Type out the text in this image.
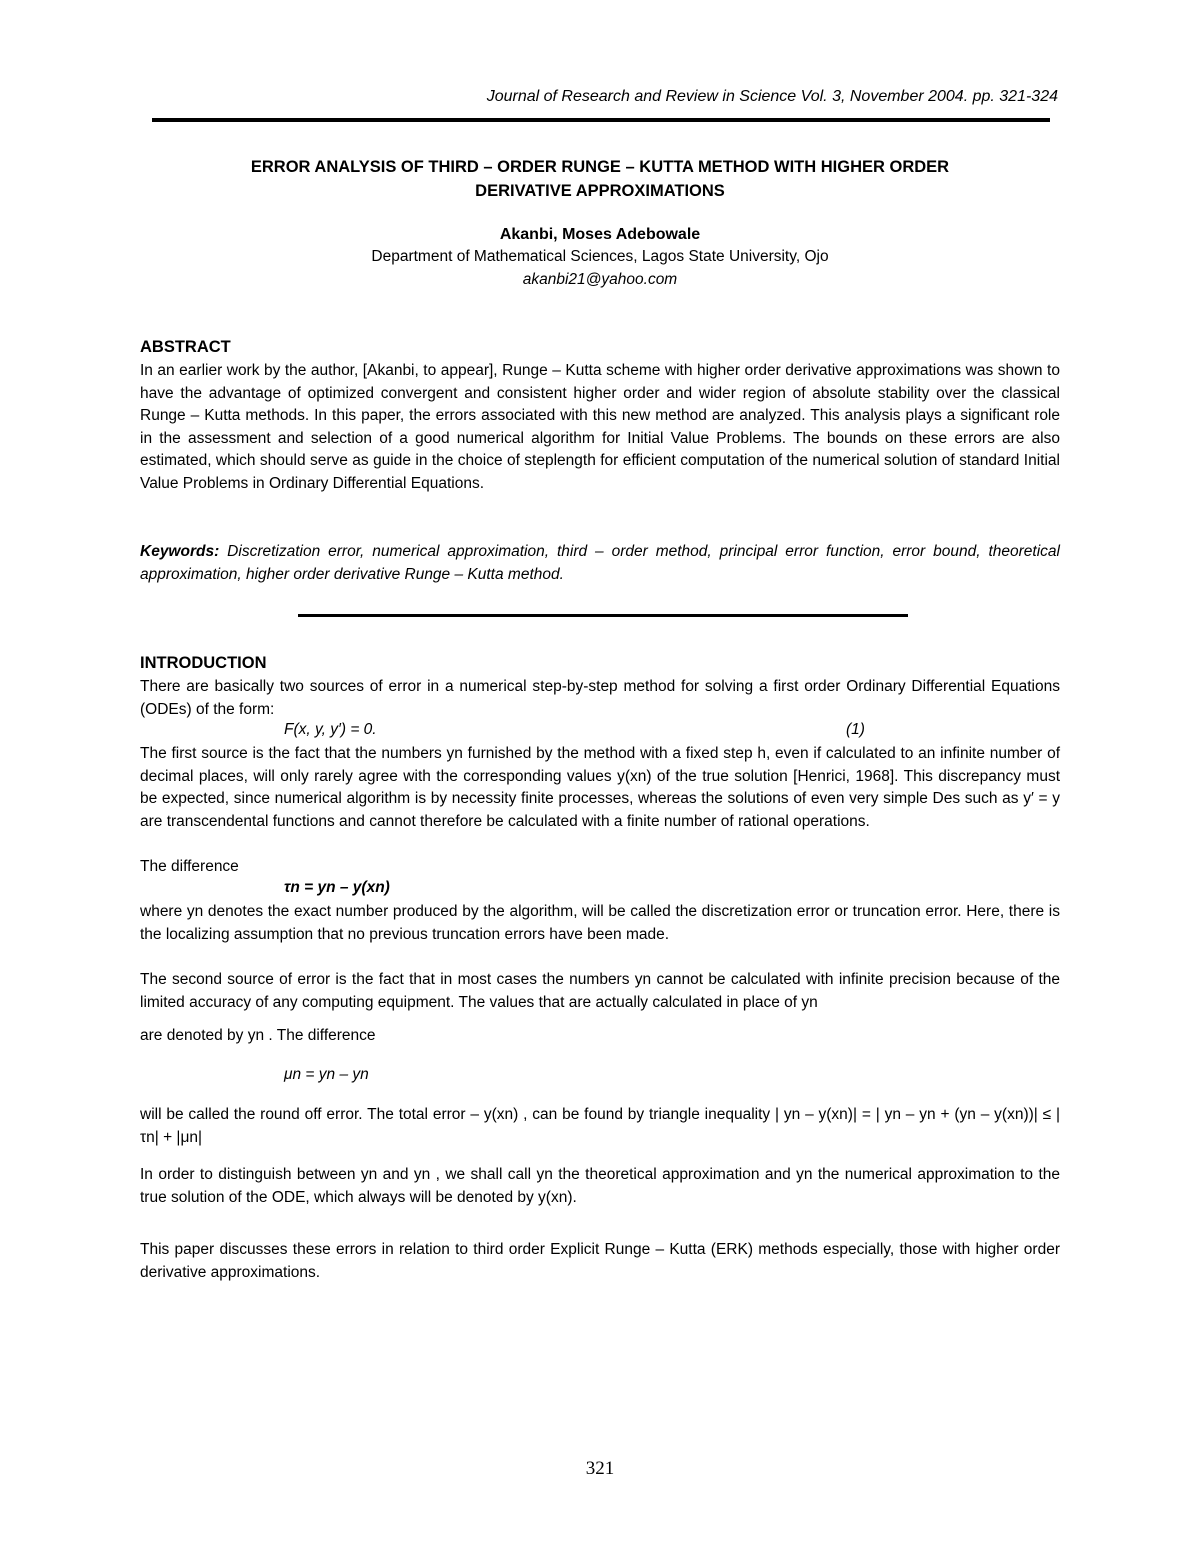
Journal of Research and Review in Science Vol. 3, November 2004. pp. 321-324
ERROR ANALYSIS OF THIRD – ORDER RUNGE – KUTTA METHOD WITH HIGHER ORDER
DERIVATIVE APPROXIMATIONS
Akanbi, Moses Adebowale
Department of Mathematical Sciences, Lagos State University, Ojo
akanbi21@yahoo.com
ABSTRACT

In an earlier work by the author, [Akanbi, to appear], Runge – Kutta scheme with higher order derivative approximations was shown to have the advantage of optimized convergent and consistent higher order and wider region of absolute stability over the classical Runge – Kutta methods. In this paper, the errors associated with this new method are analyzed. This analysis plays a significant role in the assessment and selection of a good numerical algorithm for Initial Value Problems. The bounds on these errors are also estimated, which should serve as guide in the choice of steplength for efficient computation of the numerical solution of standard Initial Value Problems in Ordinary Differential Equations.

Keywords: Discretization error, numerical approximation, third – order method, principal error function, error bound, theoretical approximation, higher order derivative Runge – Kutta method.

INTRODUCTION

There are basically two sources of error in a numerical step-by-step method for solving a first order Ordinary Differential Equations (ODEs) of the form:

F(x, y, y′) = 0.	(1)

The first source is the fact that the numbers yn furnished by the method with a fixed step h, even if calculated to an infinite number of decimal places, will only rarely agree with the corresponding values y(xn) of the true solution [Henrici, 1968]. This discrepancy must be expected, since numerical algorithm is by necessity finite processes, whereas the solutions of even very simple Des such as y′ = y are transcendental functions and cannot therefore be calculated with a finite number of rational operations.

The difference
τn = yn – y(xn)

where yn denotes the exact number produced by the algorithm, will be called the discretization error or truncation error. Here, there is the localizing assumption that no previous truncation errors have been made.

The second source of error is the fact that in most cases the numbers yn cannot be calculated with infinite precision because of the limited accuracy of any computing equipment. The values that are actually calculated in place of yn

are denoted by yn . The difference
μn = yn – yn

will be called the round off error. The total error – y(xn) , can be found by triangle inequality | yn – y(xn)| = | yn – yn + (yn – y(xn))| ≤ |τn| + |μn|

In order to distinguish between yn and yn , we shall call yn the theoretical approximation and yn the numerical approximation to the true solution of the ODE, which always will be denoted by y(xn).

This paper discusses these errors in relation to third order Explicit Runge – Kutta (ERK) methods especially, those with higher order derivative approximations.

321
